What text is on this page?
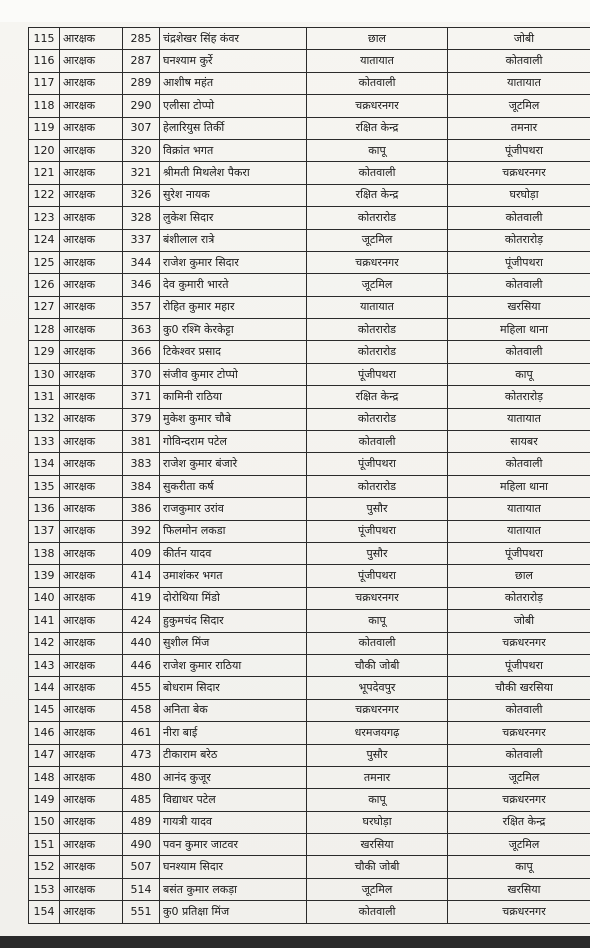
115	आरक्षक	285	चंद्रशेखर सिंह कंवर	छाल	जोबी
116	आरक्षक	287	घनश्याम कुर्रे	यातायात	कोतवाली
117	आरक्षक	289	आशीष महंत	कोतवाली	यातायात
118	आरक्षक	290	एलीसा टोप्पो	चक्रधरनगर	जूटमिल
119	आरक्षक	307	हेलारियुस तिर्की	रक्षित केन्द्र	तमनार
120	आरक्षक	320	विक्रांत भगत	कापू	पूंजीपथरा
121	आरक्षक	321	श्रीमती मिथलेश पैकरा	कोतवाली	चक्रधरनगर
122	आरक्षक	326	सुरेश नायक	रक्षित केन्द्र	घरघोड़ा
123	आरक्षक	328	लुकेश सिदार	कोतरारोड	कोतवाली
124	आरक्षक	337	बंशीलाल रात्रे	जूटमिल	कोतरारोड़
125	आरक्षक	344	राजेश कुमार सिदार	चक्रधरनगर	पूंजीपथरा
126	आरक्षक	346	देव कुमारी भारते	जूटमिल	कोतवाली
127	आरक्षक	357	रोहित कुमार महार	यातायात	खरसिया
128	आरक्षक	363	कु0 रश्मि केरकेट्टा	कोतरारोड	महिला थाना
129	आरक्षक	366	टिकेश्वर प्रसाद	कोतरारोड	कोतवाली
130	आरक्षक	370	संजीव कुमार टोप्पो	पूंजीपथरा	कापू
131	आरक्षक	371	कामिनी राठिया	रक्षित केन्द्र	कोतरारोड़
132	आरक्षक	379	मुकेश कुमार चौबे	कोतरारोड	यातायात
133	आरक्षक	381	गोविन्दराम पटेल	कोतवाली	सायबर
134	आरक्षक	383	राजेश कुमार बंजारे	पूंजीपथरा	कोतवाली
135	आरक्षक	384	सुकरीता कर्ष	कोतरारोड	महिला थाना
136	आरक्षक	386	राजकुमार उरांव	पुसौर	यातायात
137	आरक्षक	392	फिलमोन लकडा	पूंजीपथरा	यातायात
138	आरक्षक	409	कीर्तन यादव	पुसौर	पूंजीपथरा
139	आरक्षक	414	उमाशंकर भगत	पूंजीपथरा	छाल
140	आरक्षक	419	दोरोथिया मिंडो	चक्रधरनगर	कोतरारोड़
141	आरक्षक	424	हुकुमचंद सिदार	कापू	जोबी
142	आरक्षक	440	सुशील मिंज	कोतवाली	चक्रधरनगर
143	आरक्षक	446	राजेश कुमार राठिया	चौकी जोबी	पूंजीपथरा
144	आरक्षक	455	बोधराम सिदार	भूपदेवपुर	चौकी खरसिया
145	आरक्षक	458	अनिता बेक	चक्रधरनगर	कोतवाली
146	आरक्षक	461	नीरा बाई	धरमजयगढ़	चक्रधरनगर
147	आरक्षक	473	टीकाराम बरेठ	पुसौर	कोतवाली
148	आरक्षक	480	आनंद कुजूर	तमनार	जूटमिल
149	आरक्षक	485	विद्याधर पटेल	कापू	चक्रधरनगर
150	आरक्षक	489	गायत्री यादव	घरघोड़ा	रक्षित केन्द्र
151	आरक्षक	490	पवन कुमार जाटवर	खरसिया	जूटमिल
152	आरक्षक	507	घनश्याम सिदार	चौकी जोबी	कापू
153	आरक्षक	514	बसंत कुमार लकड़ा	जूटमिल	खरसिया
154	आरक्षक	551	कु0 प्रतिक्षा मिंज	कोतवाली	चक्रधरनगर
